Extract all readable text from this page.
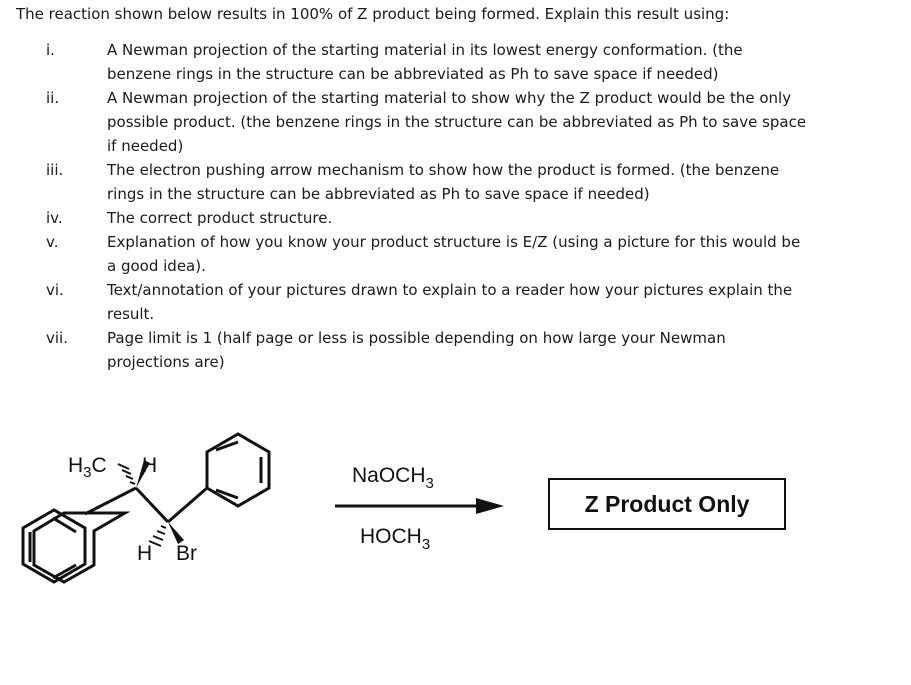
The reaction shown below results in 100% of Z product being formed. Explain this result using:
i.	A Newman projection of the starting material in its lowest energy conformation. (the benzene rings in the structure can be abbreviated as Ph to save space if needed)
ii.	A Newman projection of the starting material to show why the Z product would be the only possible product. (the benzene rings in the structure can be abbreviated as Ph to save space if needed)
iii.	The electron pushing arrow mechanism to show how the product is formed. (the benzene rings in the structure can be abbreviated as Ph to save space if needed)
iv.	The correct product structure.
v.	Explanation of how you know your product structure is E/Z (using a picture for this would be a good idea).
vi.	Text/annotation of your pictures drawn to explain to a reader how your pictures explain the result.
vii.	Page limit is 1 (half page or less is possible depending on how large your Newman projections are)
$H_3C$ H
H Br
NaOCH$_3$
$HOCH_3$
Z Product Only
